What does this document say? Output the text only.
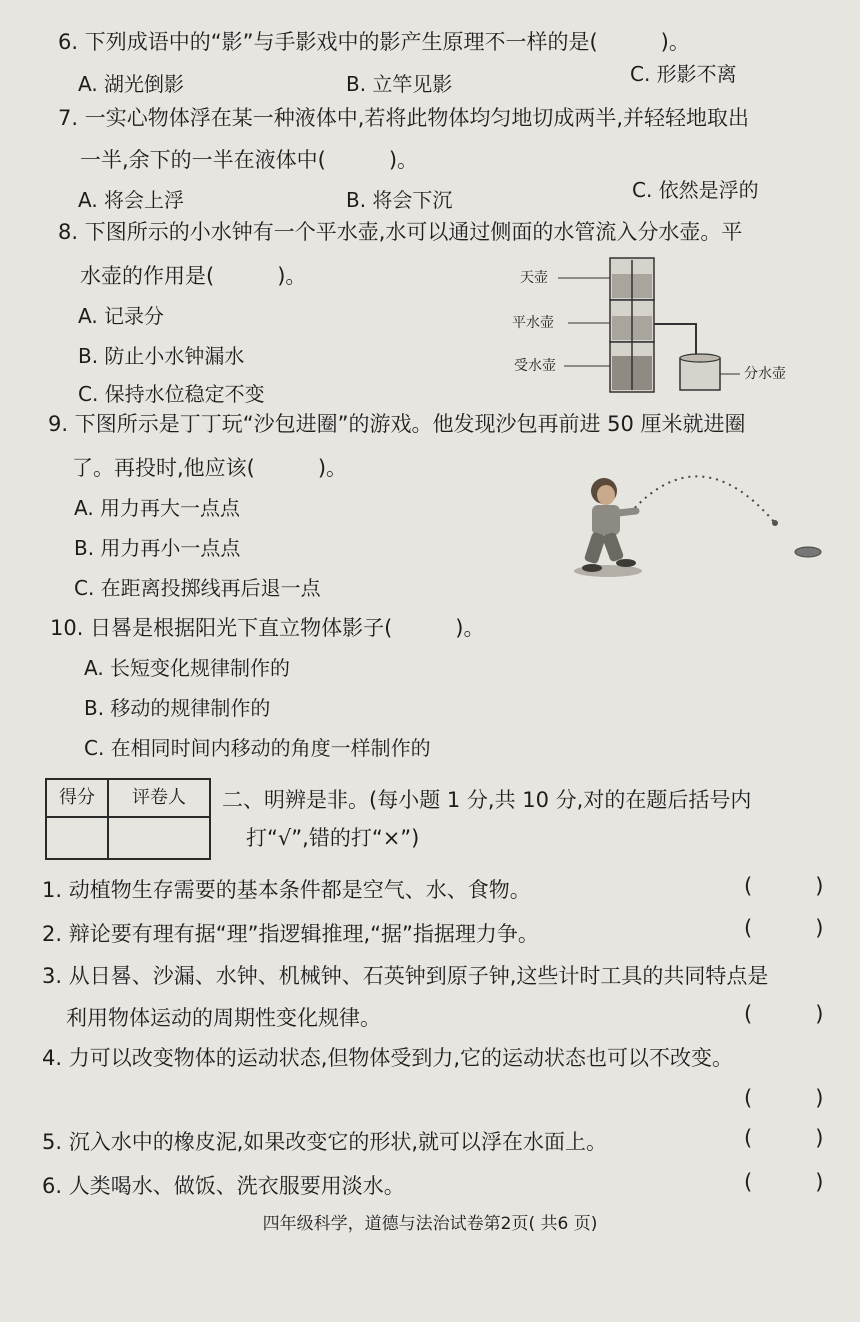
6. 下列成语中的“影”与手影戏中的影产生原理不一样的是(　　　)。
A. 湖光倒影	B. 立竿见影	C. 形影不离
7. 一实心物体浮在某一种液体中,若将此物体均匀地切成两半,并轻轻地取出
一半,余下的一半在液体中(　　　)。
A. 将会上浮	B. 将会下沉	C. 依然是浮的
8. 下图所示的小水钟有一个平水壶,水可以通过侧面的水管流入分水壶。平
水壶的作用是(　　　)。
A. 记录分
B. 防止小水钟漏水
C. 保持水位稳定不变
天壶
平水壶
受水壶	分水壶
9. 下图所示是丁丁玩“沙包进圈”的游戏。他发现沙包再前进 50 厘米就进圈
了。再投时,他应该(　　　)。
A. 用力再大一点点
B. 用力再小一点点
C. 在距离投掷线再后退一点
10. 日晷是根据阳光下直立物体影子(　　　)。
A. 长短变化规律制作的
B. 移动的规律制作的
C. 在相同时间内移动的角度一样制作的
得分	评卷人	二、明辨是非。(每小题 1 分,共 10 分,对的在题后括号内
打“√”,错的打“×”)
1. 动植物生存需要的基本条件都是空气、水、食物。	(　　　)
2. 辩论要有理有据“理”指逻辑推理,“据”指据理力争。	(　　　)
3. 从日晷、沙漏、水钟、机械钟、石英钟到原子钟,这些计时工具的共同特点是
利用物体运动的周期性变化规律。	(　　　)
4. 力可以改变物体的运动状态,但物体受到力,它的运动状态也可以不改变。
(　　　)
5. 沉入水中的橡皮泥,如果改变它的形状,就可以浮在水面上。	(　　　)
6. 人类喝水、做饭、洗衣服要用淡水。	(　　　)
四年级科学，道德与法治试卷第2页( 共6 页)
